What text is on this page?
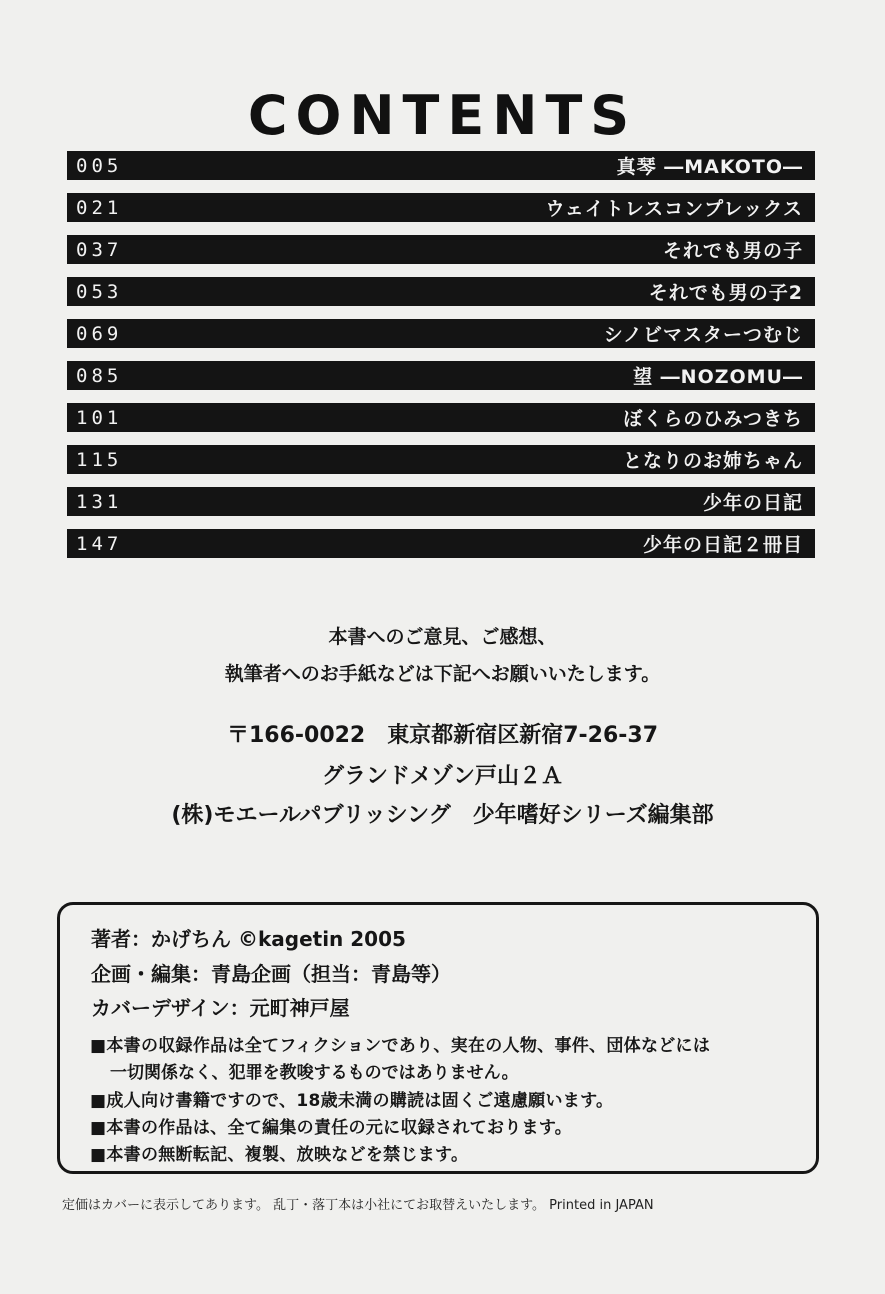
CONTENTS
005	真琴 ―MAKOTO―
021	ウェイトレスコンプレックス
037	それでも男の子
053	それでも男の子2
069	シノビマスターつむじ
085	望 ―NOZOMU―
101	ぼくらのひみつきち
115	となりのお姉ちゃん
131	少年の日記
147	少年の日記２冊目
本書へのご意見、ご感想、
執筆者へのお手紙などは下記へお願いいたします。
〒166-0022　東京都新宿区新宿7-26-37
グランドメゾン戸山２Ａ
(株)モエールパブリッシング　少年嗜好シリーズ編集部
著者：かげちん ©kagetin 2005
企画・編集：青島企画（担当：青島等）
カバーデザイン：元町神戸屋
■本書の収録作品は全てフィクションであり、実在の人物、事件、団体などには
一切関係なく、犯罪を教唆するものではありません。
■成人向け書籍ですので、18歳未満の購読は固くご遠慮願います。
■本書の作品は、全て編集の責任の元に収録されております。
■本書の無断転記、複製、放映などを禁じます。
定価はカバーに表示してあります。 乱丁・落丁本は小社にてお取替えいたします。 Printed in JAPAN
